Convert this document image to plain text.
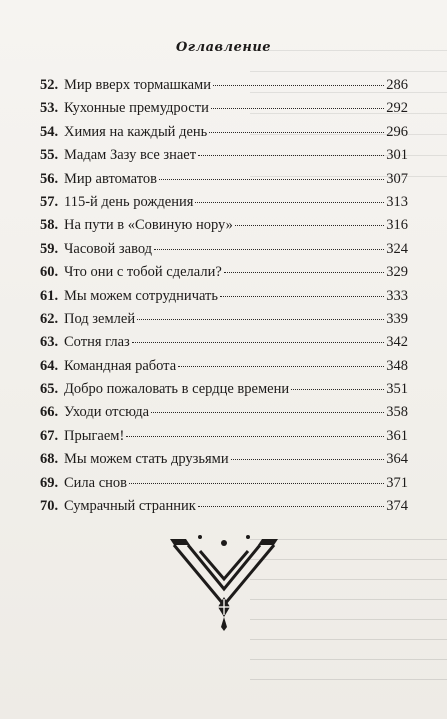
Оглавление
52. Мир вверх тормашками	286
53. Кухонные премудрости	292
54. Химия на каждый день	296
55. Мадам Зазу все знает	301
56. Мир автоматов	307
57. 115-й день рождения	313
58. На пути в «Совиную нору»	316
59. Часовой завод	324
60. Что они с тобой сделали?	329
61. Мы можем сотрудничать	333
62. Под землей	339
63. Сотня глаз	342
64. Командная работа	348
65. Добро пожаловать в сердце времени	351
66. Уходи отсюда	358
67. Прыгаем!	361
68. Мы можем стать друзьями	364
69. Сила снов	371
70. Сумрачный странник	374
